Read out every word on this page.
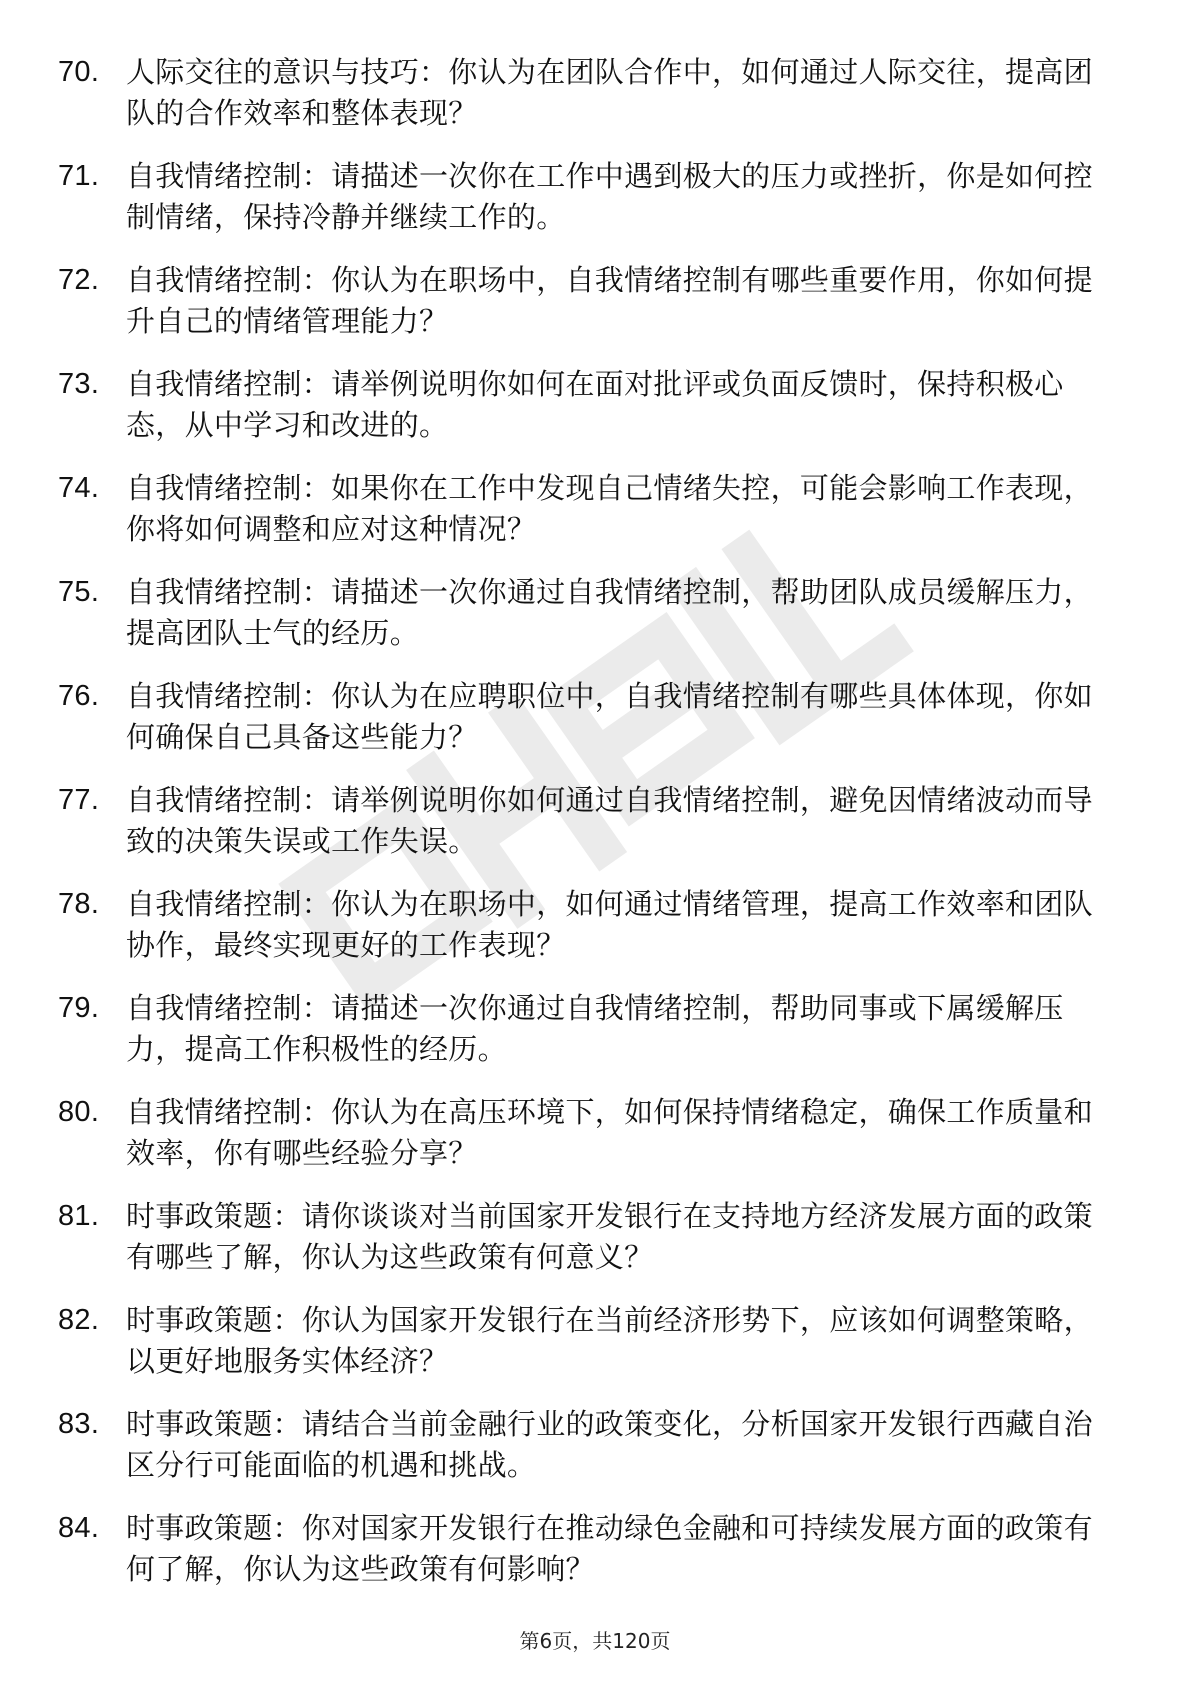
70. 人际交往的意识与技巧：你认为在团队合作中，如何通过人际交往，提高团队的合作效率和整体表现？
71. 自我情绪控制：请描述一次你在工作中遇到极大的压力或挫折，你是如何控制情绪，保持冷静并继续工作的。
72. 自我情绪控制：你认为在职场中，自我情绪控制有哪些重要作用，你如何提升自己的情绪管理能力？
73. 自我情绪控制：请举例说明你如何在面对批评或负面反馈时，保持积极心态，从中学习和改进的。
74. 自我情绪控制：如果你在工作中发现自己情绪失控，可能会影响工作表现，你将如何调整和应对这种情况？
75. 自我情绪控制：请描述一次你通过自我情绪控制，帮助团队成员缓解压力，提高团队士气的经历。
76. 自我情绪控制：你认为在应聘职位中，自我情绪控制有哪些具体体现，你如何确保自己具备这些能力？
77. 自我情绪控制：请举例说明你如何通过自我情绪控制，避免因情绪波动而导致的决策失误或工作失误。
78. 自我情绪控制：你认为在职场中，如何通过情绪管理，提高工作效率和团队协作，最终实现更好的工作表现？
79. 自我情绪控制：请描述一次你通过自我情绪控制，帮助同事或下属缓解压力，提高工作积极性的经历。
80. 自我情绪控制：你认为在高压环境下，如何保持情绪稳定，确保工作质量和效率，你有哪些经验分享？
81. 时事政策题：请你谈谈对当前国家开发银行在支持地方经济发展方面的政策有哪些了解，你认为这些政策有何意义？
82. 时事政策题：你认为国家开发银行在当前经济形势下，应该如何调整策略，以更好地服务实体经济？
83. 时事政策题：请结合当前金融行业的政策变化，分析国家开发银行西藏自治区分行可能面临的机遇和挑战。
84. 时事政策题：你对国家开发银行在推动绿色金融和可持续发展方面的政策有何了解，你认为这些政策有何影响？
第6页，共120页
